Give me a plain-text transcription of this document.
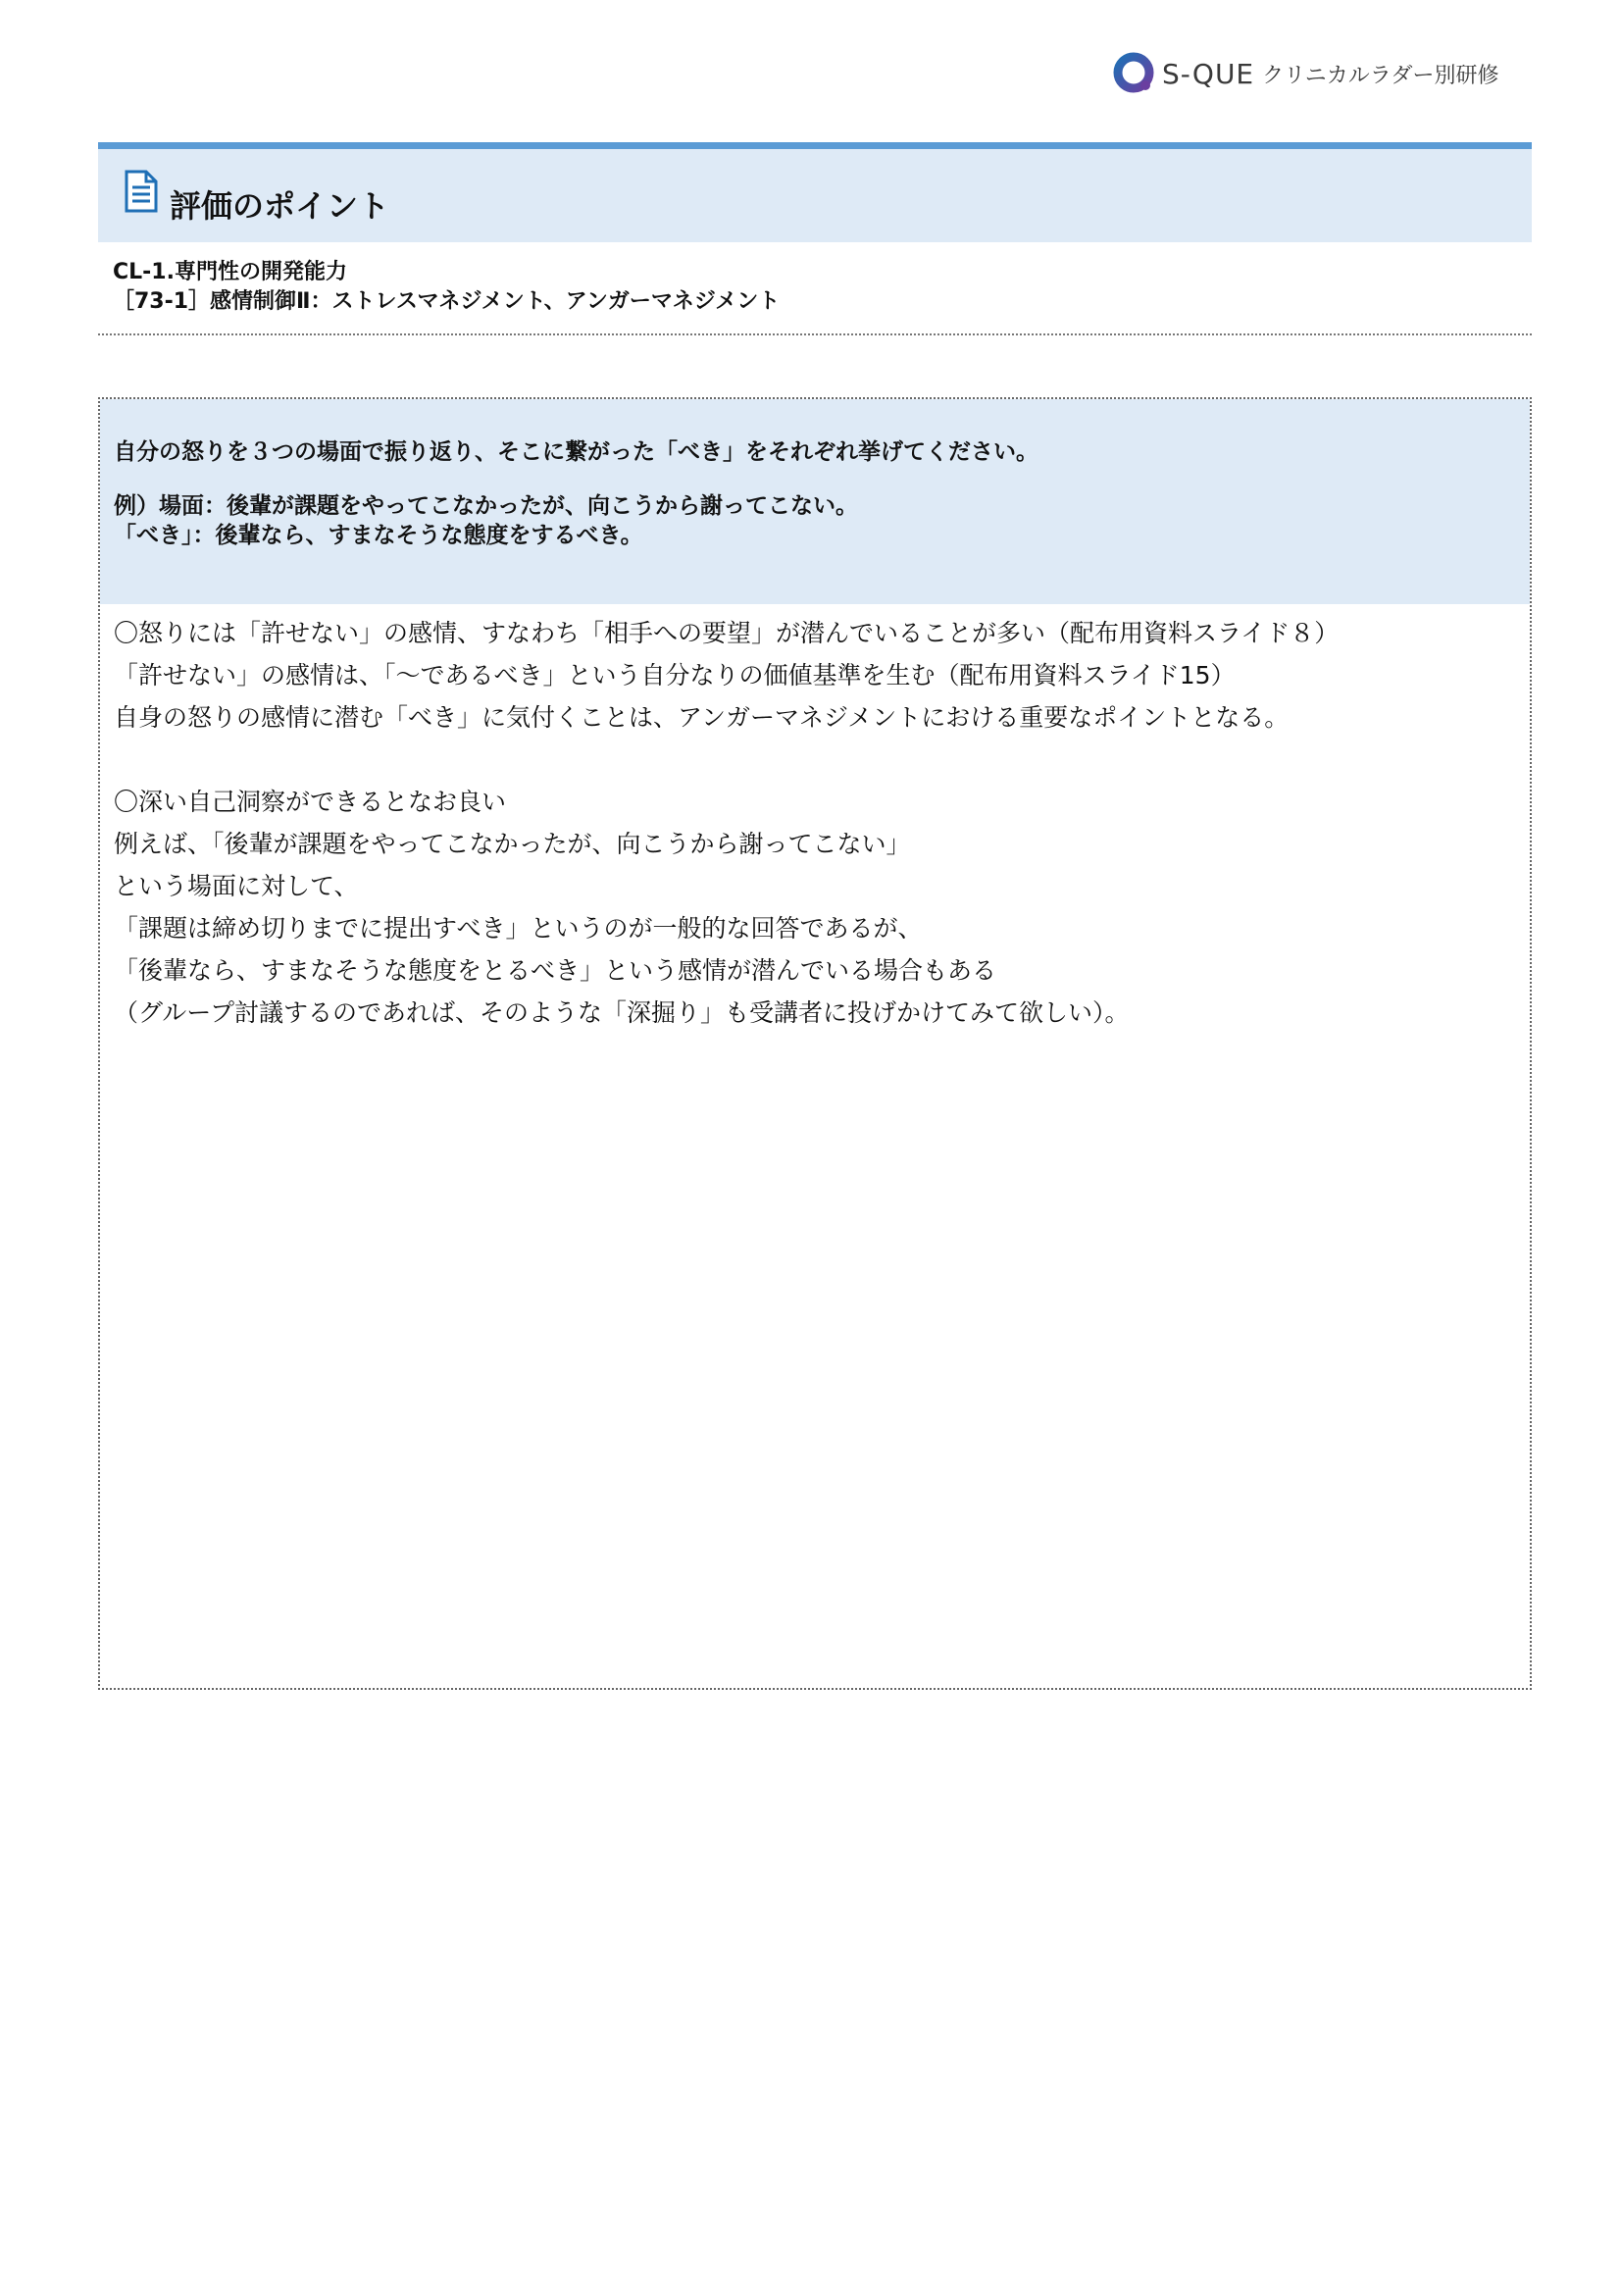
S-QUE クリニカルラダー別研修
評価のポイント
CL-1.専門性の開発能力
［73-1］感情制御Ⅱ：ストレスマネジメント、アンガーマネジメント

自分の怒りを３つの場面で振り返り、そこに繋がった「べき」をそれぞれ挙げてください。

例）場面：後輩が課題をやってこなかったが、向こうから謝ってこない。
「べき」：後輩なら、すまなそうな態度をするべき。

〇怒りには「許せない」の感情、すなわち「相手への要望」が潜んでいることが多い（配布用資料スライド８）
「許せない」の感情は、「～であるべき」という自分なりの価値基準を生む（配布用資料スライド15）
自身の怒りの感情に潜む「べき」に気付くことは、アンガーマネジメントにおける重要なポイントとなる。
〇深い自己洞察ができるとなお良い
例えば、「後輩が課題をやってこなかったが、向こうから謝ってこない」
という場面に対して、
「課題は締め切りまでに提出すべき」というのが一般的な回答であるが、
「後輩なら、すまなそうな態度をとるべき」という感情が潜んでいる場合もある
（グループ討議するのであれば、そのような「深掘り」も受講者に投げかけてみて欲しい）。
